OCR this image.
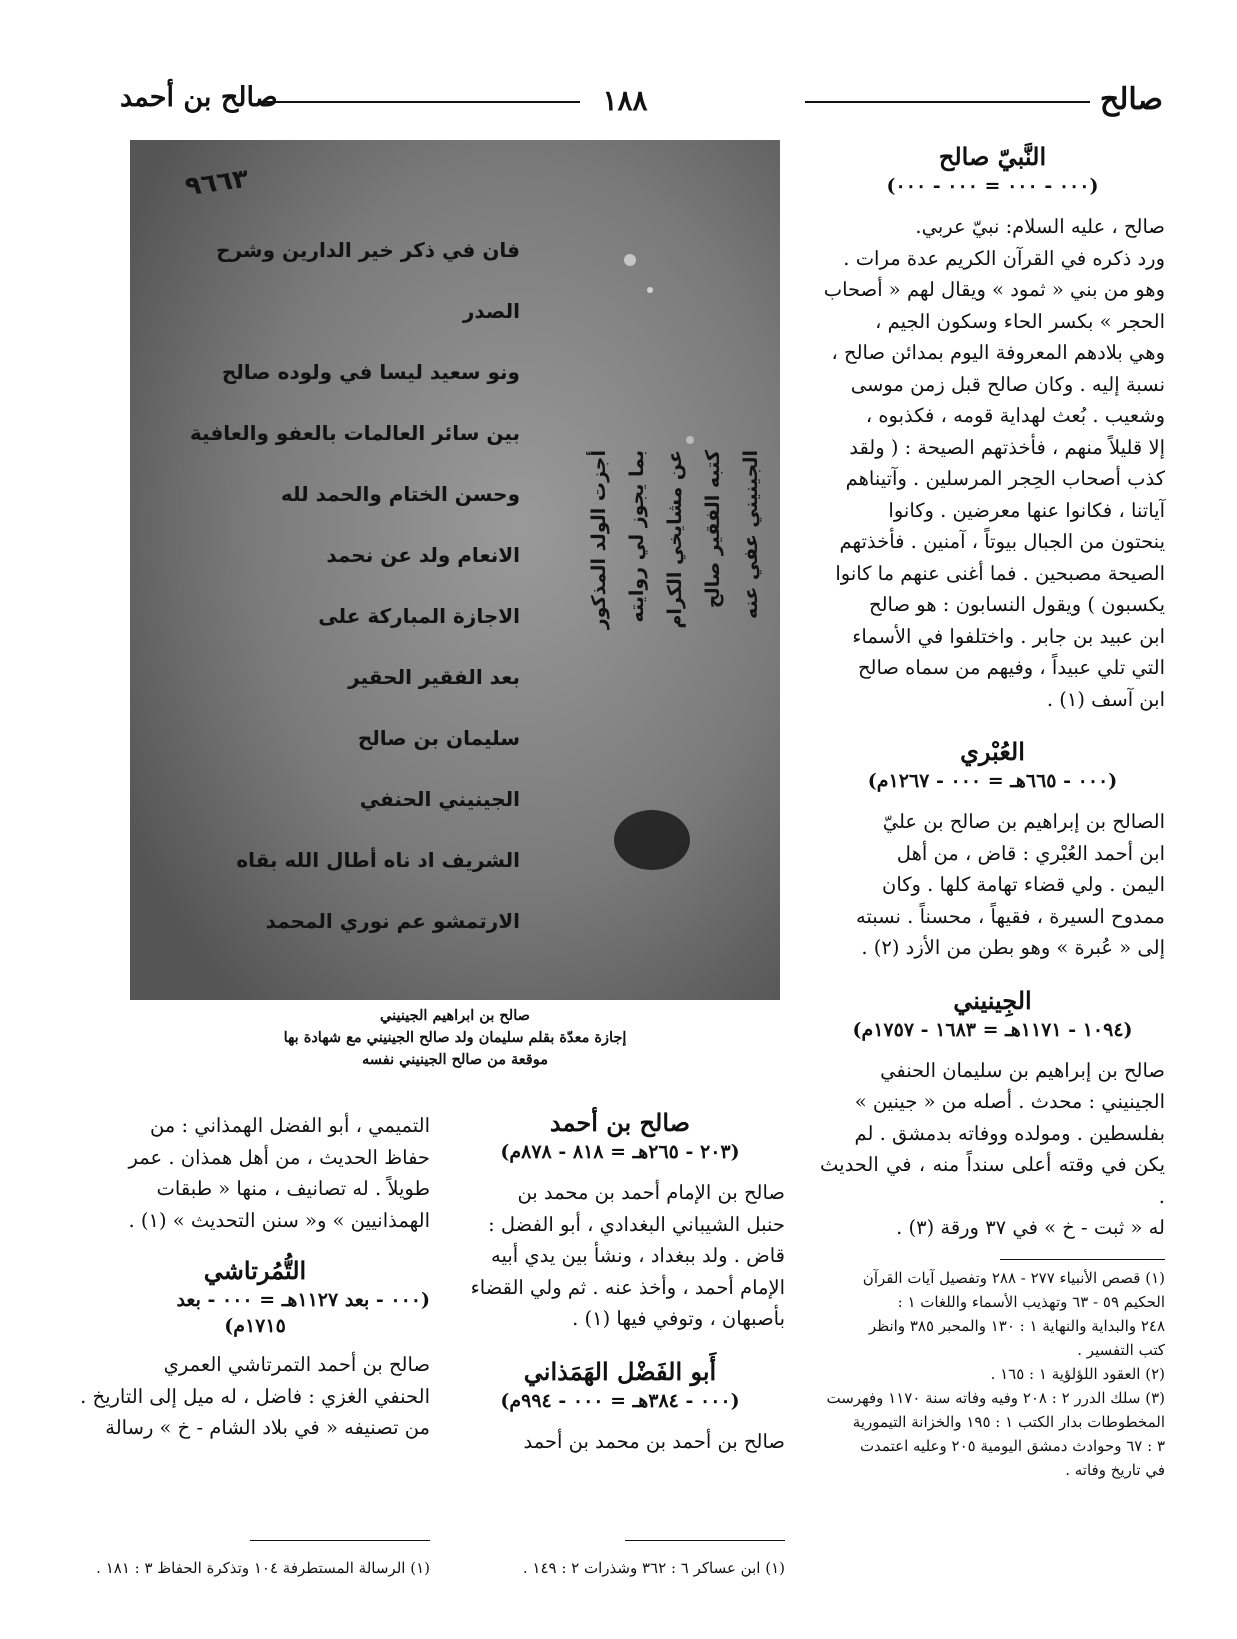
صالح
١٨٨
صالح بن أحمد
٩٦٦٣
فان في ذكر خير الدارين وشرح الصدر
ونو سعيد ليسا في ولوده صالح
بين سائر العالمات بالعفو والعافية
وحسن الختام والحمد لله
الانعام ولد عن نحمد
الاجازة المباركة على
بعد الفقير الحقير
سليمان بن صالح
الجينيني الحنفي
الشريف اد ناه أطال الله بقاه
الارتمشو عم نوري المحمد
أجزت الولد المذكور بما يجوز لي روايته عن مشايخي الكرام كتبه الفقير صالح الجينيني عفي عنه
صالح بن ابراهيم الجينيني
إجازة معدّة بقلم سليمان ولد صالح الجينيني مع شهادة بها
موقعة من صالح الجينيني نفسه
النَّبيّ صالح
(٠٠٠ - ٠٠٠ = ٠٠٠ - ٠٠٠)
صالح ، عليه السلام: نبيّ عربي.
ورد ذكره في القرآن الكريم عدة مرات .
وهو من بني « ثمود » ويقال لهم « أصحاب
الحجر » بكسر الحاء وسكون الجيم ،
وهي بلادهم المعروفة اليوم بمدائن صالح ،
نسبة إليه . وكان صالح قبل زمن موسى
وشعيب . بُعث لهداية قومه ، فكذبوه ،
إلا قليلاً منهم ، فأخذتهم الصيحة : ( ولقد
كذب أصحاب الحِجر المرسلين . وآتيناهم
آياتنا ، فكانوا عنها معرضين . وكانوا
ينحتون من الجبال بيوتاً ، آمنين . فأخذتهم
الصيحة مصبحين . فما أغنى عنهم ما كانوا
يكسبون ) ويقول النسابون : هو صالح
ابن عبيد بن جابر . واختلفوا في الأسماء
التي تلي عبيداً ، وفيهم من سماه صالح
ابن آسف (١) .
العُبْري
(٠٠٠ - ٦٦٥هـ = ٠٠٠ - ١٢٦٧م)
الصالح بن إبراهيم بن صالح بن عليّ
ابن أحمد العُبْري : قاض ، من أهل
اليمن . ولي قضاء تهامة كلها . وكان
ممدوح السيرة ، فقيهاً ، محسناً . نسبته
إلى « عُبرة » وهو بطن من الأزد (٢) .
الجِينيني
(١٠٩٤ - ١١٧١هـ = ١٦٨٣ - ١٧٥٧م)
صالح بن إبراهيم بن سليمان الحنفي
الجينيني : محدث . أصله من « جينين »
بفلسطين . ومولده ووفاته بدمشق . لم
يكن في وقته أعلى سنداً منه ، في الحديث .
له « ثبت - خ » في ٣٧ ورقة (٣) .

(١) قصص الأنبياء ٢٧٧ - ٢٨٨ وتفصيل آيات القرآن

الحكيم ٥٩ - ٦٣ وتهذيب الأسماء واللغات ١ :

٢٤٨ والبداية والنهاية ١ : ١٣٠ والمحبر ٣٨٥ وانظر

كتب التفسير .

(٢) العقود اللؤلؤية ١ : ١٦٥ .

(٣) سلك الدرر ٢ : ٢٠٨ وفيه وفاته سنة ١١٧٠ وفهرست

المخطوطات بدار الكتب ١ : ١٩٥ والخزانة التيمورية

٣ : ٦٧ وحوادث دمشق اليومية ٢٠٥ وعليه اعتمدت

في تاريخ وفاته .

صالح بن أحمد
(٢٠٣ - ٢٦٥هـ = ٨١٨ - ٨٧٨م)
صالح بن الإمام أحمد بن محمد بن
حنبل الشيباني البغدادي ، أبو الفضل :
قاض . ولد ببغداد ، ونشأ بين يدي أبيه
الإمام أحمد ، وأخذ عنه . ثم ولي القضاء
بأصبهان ، وتوفي فيها (١) .
أَبو الفَضْل الهَمَذاني
(٠٠٠ - ٣٨٤هـ = ٠٠٠ - ٩٩٤م)
صالح بن أحمد بن محمد بن أحمد
(١) ابن عساكر ٦ : ٣٦٢ وشذرات ٢ : ١٤٩ .
التميمي ، أبو الفضل الهمذاني : من
حفاظ الحديث ، من أهل همذان . عمر
طويلاً . له تصانيف ، منها « طبقات
الهمذانيين » و« سنن التحديث » (١) .
التُّمُرتاشي
(٠٠٠ - بعد ١١٢٧هـ = ٠٠٠ - بعد
١٧١٥م)
صالح بن أحمد التمرتاشي العمري
الحنفي الغزي : فاضل ، له ميل إلى التاريخ .
من تصنيفه « في بلاد الشام - خ » رسالة
(١) الرسالة المستطرفة ١٠٤ وتذكرة الحفاظ ٣ : ١٨١ .
